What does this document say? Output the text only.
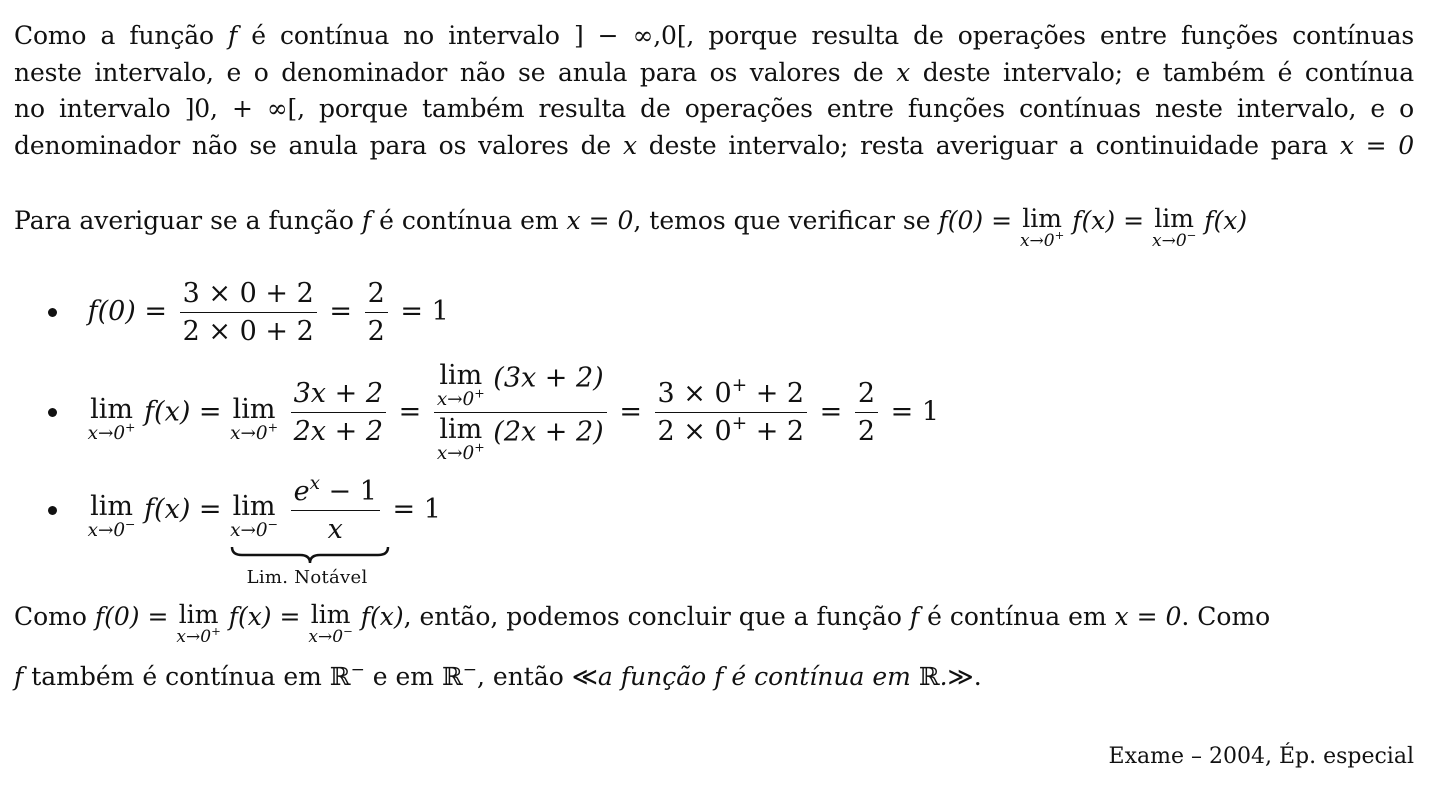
Como a função f é contínua no intervalo ] − ∞,0[, porque resulta de operações entre funções contínuas
neste intervalo, e o denominador não se anula para os valores de x deste intervalo; e também é contínua
no intervalo ]0, + ∞[, porque também resulta de operações entre funções contínuas neste intervalo, e o
denominador não se anula para os valores de x deste intervalo; resta averiguar a continuidade para x = 0
Para averiguar se a função f é contínua em x = 0, temos que verificar se f(0) = lim
x→0+
f(x) = lim
x→0−
f(x)
$f(0) = \frac{3 \times 0 + 2}{2 \times 0 + 2} = \frac{2}{2} = 1$

lim
x→0+ f(x) = lim
x→0+
$\frac{3x + 2}{2x + 2} = \lim$
x→0+ (3x + 2)
lim
x→0+ $(2x + 2) = \frac{3 \times 0^+ + 2}{2 \times 0^+ + 2} = \frac{2}{2} = 1$

lim
x→0− f(x) = lim
x→0−
$\frac{e^x - 1}{x}$
Lim. Notável
= 1
Como f(0) = lim
x→0+
f(x) = lim
x→0−
f(x), então, podemos concluir que a função f é contínua em x = 0. Como
f também é contínua em ℝ− e em ℝ−, então ≪a função f é contínua em ℝ.≫.
Exame – 2004, Ép. especial
